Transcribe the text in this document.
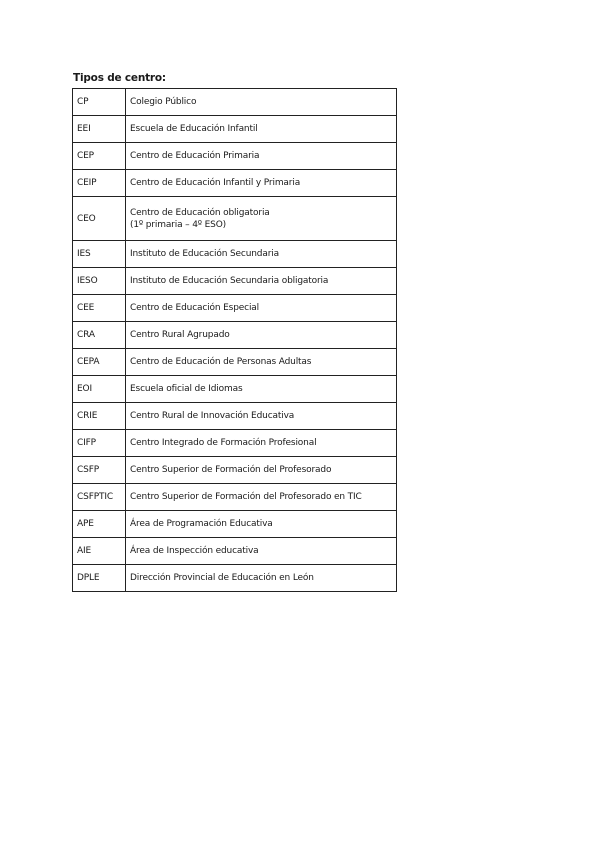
Tipos de centro:
CP	Colegio Público
EEI	Escuela de Educación Infantil
CEP	Centro de Educación Primaria
CEIP	Centro de Educación Infantil y Primaria
CEO	Centro de Educación obligatoria
(1º primaria – 4º ESO)

IES	Instituto de Educación Secundaria
IESO	Instituto de Educación Secundaria obligatoria
CEE	Centro de Educación Especial
CRA	Centro Rural Agrupado
CEPA	Centro de Educación de Personas Adultas
EOI	Escuela oficial de Idiomas
CRIE	Centro Rural de Innovación Educativa
CIFP	Centro Integrado de Formación Profesional
CSFP	Centro Superior de Formación del Profesorado
CSFPTIC	Centro Superior de Formación del Profesorado en TIC
APE	Área de Programación Educativa
AIE	Área de Inspección educativa
DPLE	Dirección Provincial de Educación en León
